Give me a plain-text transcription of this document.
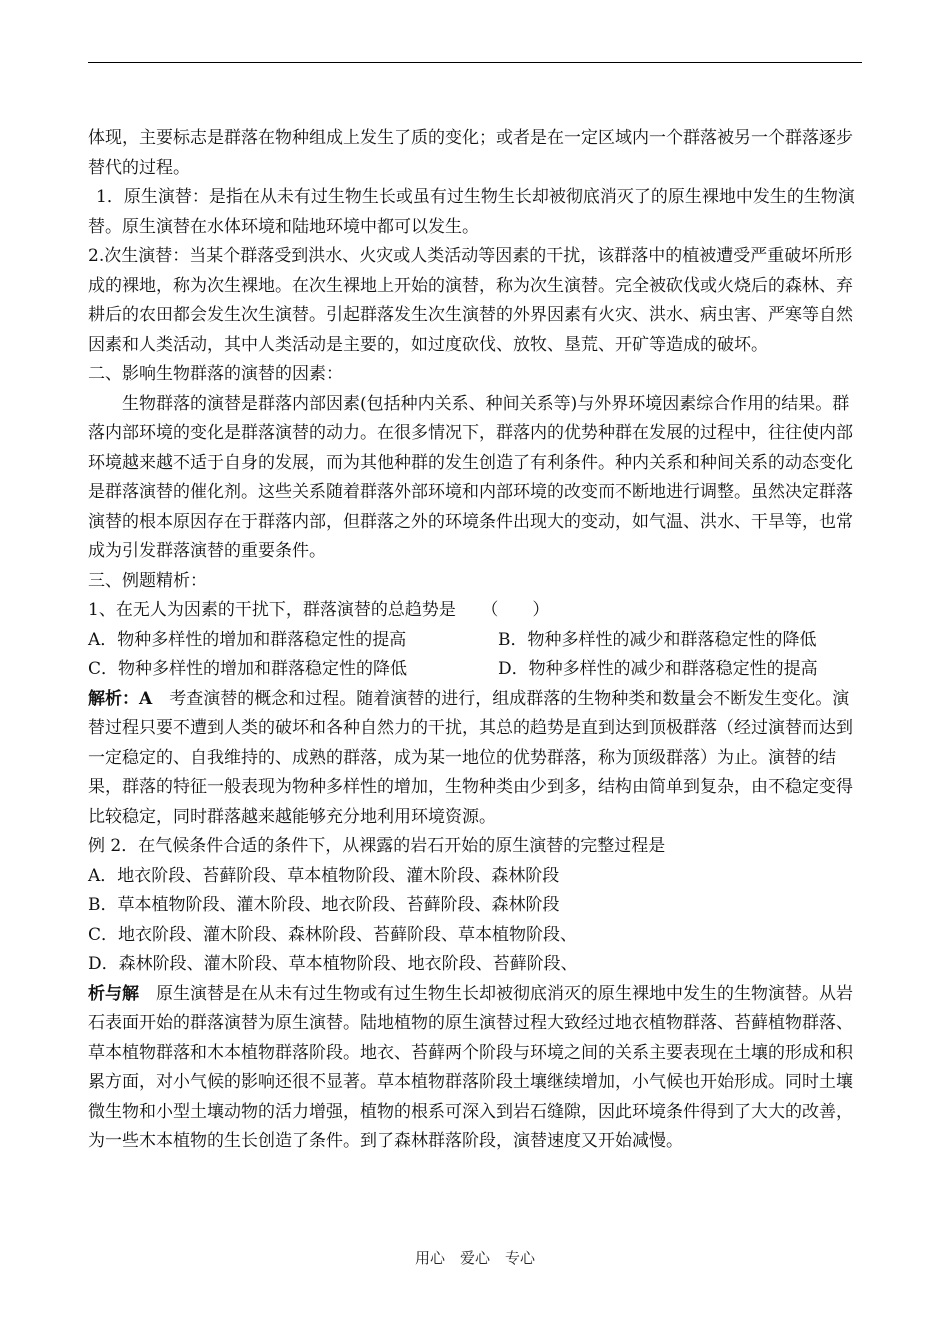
体现，主要标志是群落在物种组成上发生了质的变化；或者是在一定区域内一个群落被另一个群落逐步替代的过程。

1．原生演替：是指在从未有过生物生长或虽有过生物生长却被彻底消灭了的原生裸地中发生的生物演替。原生演替在水体环境和陆地环境中都可以发生。

2.次生演替：当某个群落受到洪水、火灾或人类活动等因素的干扰，该群落中的植被遭受严重破坏所形成的裸地，称为次生裸地。在次生裸地上开始的演替，称为次生演替。完全被砍伐或火烧后的森林、弃耕后的农田都会发生次生演替。引起群落发生次生演替的外界因素有火灾、洪水、病虫害、严寒等自然因素和人类活动，其中人类活动是主要的，如过度砍伐、放牧、垦荒、开矿等造成的破坏。

二、影响生物群落的演替的因素：

生物群落的演替是群落内部因素(包括种内关系、种间关系等)与外界环境因素综合作用的结果。群落内部环境的变化是群落演替的动力。在很多情况下，群落内的优势种群在发展的过程中，往往使内部环境越来越不适于自身的发展，而为其他种群的发生创造了有利条件。种内关系和种间关系的动态变化是群落演替的催化剂。这些关系随着群落外部环境和内部环境的改变而不断地进行调整。虽然决定群落演替的根本原因存在于群落内部，但群落之外的环境条件出现大的变动，如气温、洪水、干旱等，也常成为引发群落演替的重要条件。

三、例题精析：

1、在无人为因素的干扰下，群落演替的总趋势是　　（　　）

A．物种多样性的增加和群落稳定性的提高	B．物种多样性的减少和群落稳定性的降低
C．物种多样性的增加和群落稳定性的降低	D．物种多样性的减少和群落稳定性的提高

解析：A　考查演替的概念和过程。随着演替的进行，组成群落的生物种类和数量会不断发生变化。演替过程只要不遭到人类的破坏和各种自然力的干扰，其总的趋势是直到达到顶极群落（经过演替而达到一定稳定的、自我维持的、成熟的群落，成为某一地位的优势群落，称为顶级群落）为止。演替的结果，群落的特征一般表现为物种多样性的增加，生物种类由少到多，结构由简单到复杂，由不稳定变得比较稳定，同时群落越来越能够充分地利用环境资源。

例 2．在气候条件合适的条件下，从裸露的岩石开始的原生演替的完整过程是

A．地衣阶段、苔藓阶段、草本植物阶段、灌木阶段、森林阶段

B．草本植物阶段、灌木阶段、地衣阶段、苔藓阶段、森林阶段

C．地衣阶段、灌木阶段、森林阶段、苔藓阶段、草本植物阶段、

D．森林阶段、灌木阶段、草本植物阶段、地衣阶段、苔藓阶段、

析与解　原生演替是在从未有过生物或有过生物生长却被彻底消灭的原生裸地中发生的生物演替。从岩石表面开始的群落演替为原生演替。陆地植物的原生演替过程大致经过地衣植物群落、苔藓植物群落、草本植物群落和木本植物群落阶段。地衣、苔藓两个阶段与环境之间的关系主要表现在土壤的形成和积累方面，对小气候的影响还很不显著。草本植物群落阶段土壤继续增加，小气候也开始形成。同时土壤微生物和小型土壤动物的活力增强，植物的根系可深入到岩石缝隙，因此环境条件得到了大大的改善，为一些木本植物的生长创造了条件。到了森林群落阶段，演替速度又开始减慢。

用心　爱心　专心
